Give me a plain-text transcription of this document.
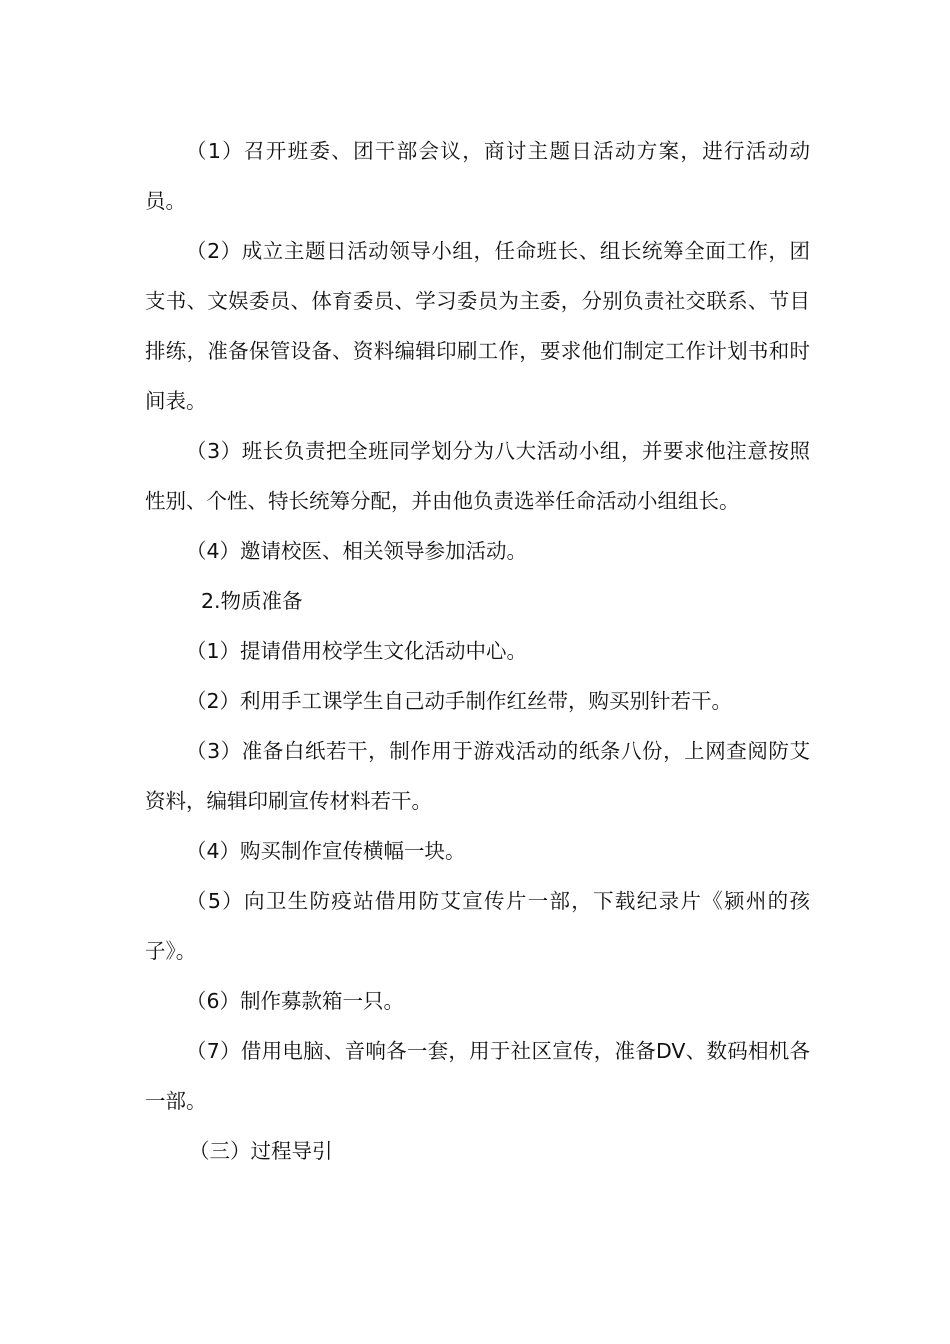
（1）召开班委、团干部会议，商讨主题日活动方案，进行活动动员。

（2）成立主题日活动领导小组，任命班长、组长统筹全面工作，团支书、文娱委员、体育委员、学习委员为主委，分别负责社交联系、节目排练，准备保管设备、资料编辑印刷工作，要求他们制定工作计划书和时间表。

（3）班长负责把全班同学划分为八大活动小组，并要求他注意按照性别、个性、特长统筹分配，并由他负责选举任命活动小组组长。

（4）邀请校医、相关领导参加活动。

2.物质准备

（1）提请借用校学生文化活动中心。

（2）利用手工课学生自己动手制作红丝带，购买别针若干。

（3）准备白纸若干，制作用于游戏活动的纸条八份，上网查阅防艾资料，编辑印刷宣传材料若干。

（4）购买制作宣传横幅一块。

（5）向卫生防疫站借用防艾宣传片一部，下载纪录片《颍州的孩子》。

（6）制作募款箱一只。

（7）借用电脑、音响各一套，用于社区宣传，准备DV、数码相机各一部。

（三）过程导引
